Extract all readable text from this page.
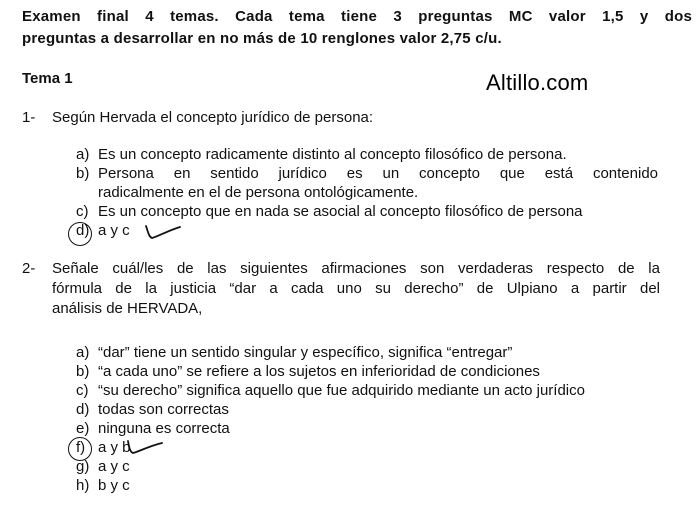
Examen final 4 temas. Cada tema tiene 3 preguntas MC valor 1,5 y dos
preguntas a desarrollar en no más de 10 renglones valor 2,75 c/u.
Tema 1	Altillo.com
1- Según Hervada el concepto jurídico de persona:
a) Es un concepto radicamente distinto al concepto filosófico de persona.
b) Persona en sentido jurídico es un concepto que está contenido
radicalmente en el de persona ontológicamente.
c) Es un concepto que en nada se asocial al concepto filosófico de persona
d) a y c
2- Señale cuál/les de las siguientes afirmaciones son verdaderas respecto de la
fórmula de la justicia “dar a cada uno su derecho” de Ulpiano a partir del
análisis de HERVADA,
a) “dar” tiene un sentido singular y específico, significa “entregar”
b) “a cada uno” se refiere a los sujetos en inferioridad de condiciones
c) “su derecho” significa aquello que fue adquirido mediante un acto jurídico
d) todas son correctas
e) ninguna es correcta
f) a y b
g) a y c
h) b y c
